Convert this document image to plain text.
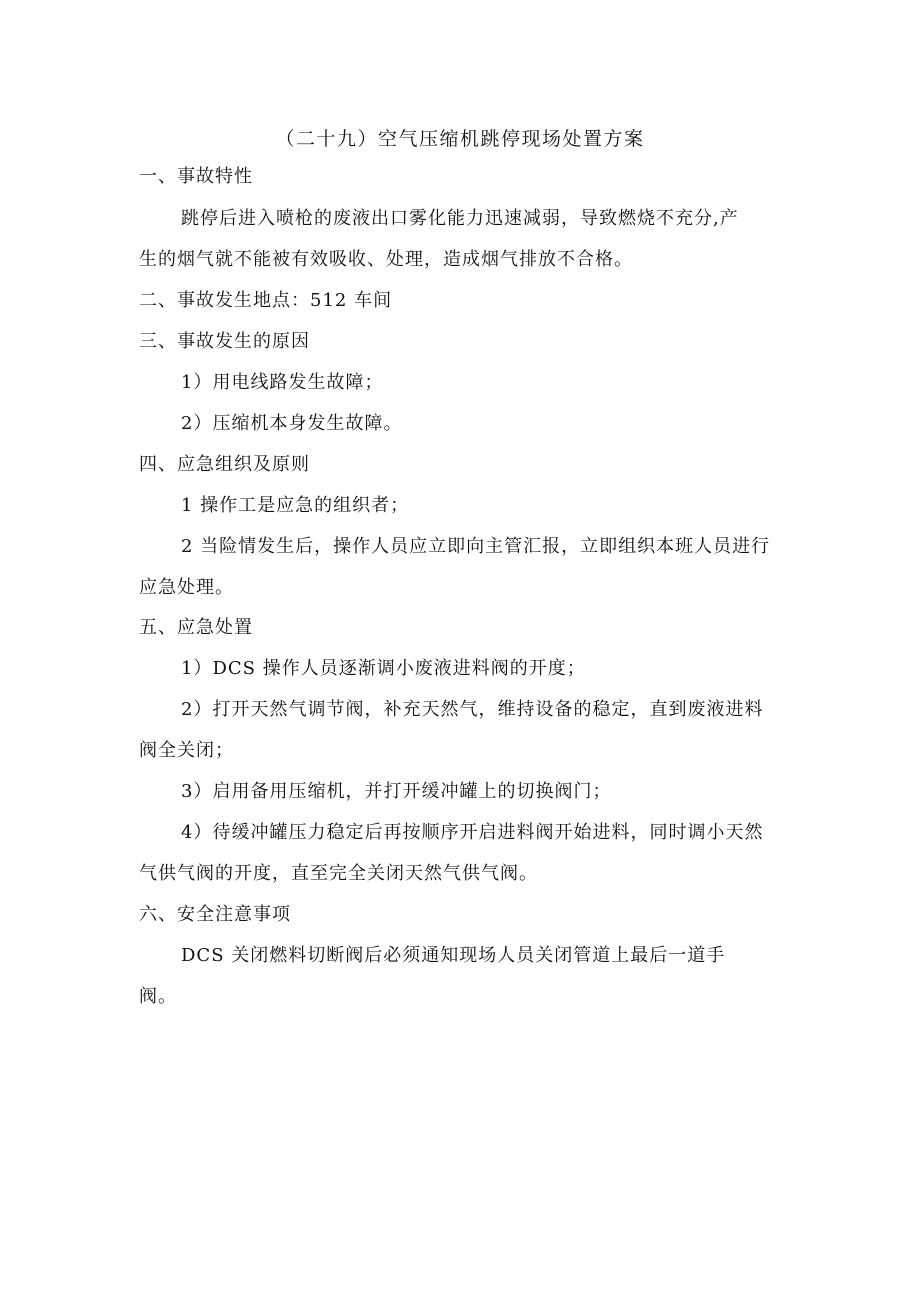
（二十九）空气压缩机跳停现场处置方案
一、事故特性
跳停后进入喷枪的废液出口雾化能力迅速减弱，导致燃烧不充分,产
生的烟气就不能被有效吸收、处理，造成烟气排放不合格。
二、事故发生地点：512 车间
三、事故发生的原因
1）用电线路发生故障；
2）压缩机本身发生故障。
四、应急组织及原则
1 操作工是应急的组织者；
2 当险情发生后，操作人员应立即向主管汇报，立即组织本班人员进行
应急处理。
五、应急处置
1）DCS 操作人员逐渐调小废液进料阀的开度；
2）打开天然气调节阀，补充天然气，维持设备的稳定，直到废液进料
阀全关闭；
3）启用备用压缩机，并打开缓冲罐上的切换阀门；
4）待缓冲罐压力稳定后再按顺序开启进料阀开始进料，同时调小天然
气供气阀的开度，直至完全关闭天然气供气阀。
六、安全注意事项
DCS 关闭燃料切断阀后必须通知现场人员关闭管道上最后一道手
阀。
